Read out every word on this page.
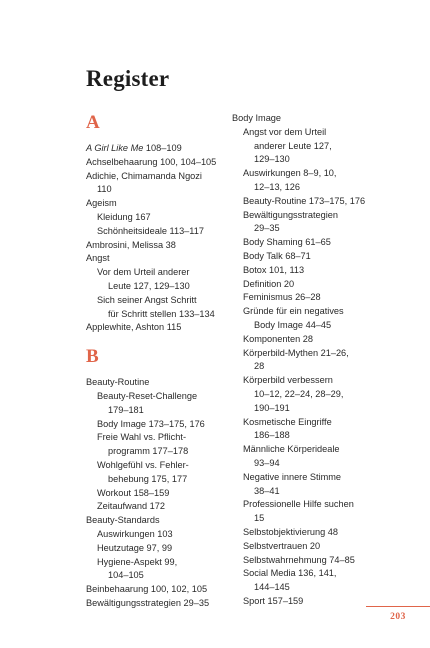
Register
A
A Girl Like Me 108–109
Achselbehaarung 100, 104–105
Adichie, Chimamanda Ngozi
110
Ageism
Kleidung 167
Schönheitsideale 113–117
Ambrosini, Melissa 38
Angst
Vor dem Urteil anderer
Leute 127, 129–130
Sich seiner Angst Schritt
für Schritt stellen 133–134
Applewhite, Ashton 115
B
Beauty-Routine
Beauty-Reset-Challenge
179–181
Body Image 173–175, 176
Freie Wahl vs. Pflicht-
programm 177–178
Wohlgefühl vs. Fehler-
behebung 175, 177
Workout 158–159
Zeitaufwand 172
Beauty-Standards
Auswirkungen 103
Heutzutage 97, 99
Hygiene-Aspekt 99,
104–105
Beinbehaarung 100, 102, 105
Bewältigungsstrategien 29–35
Body Image
Angst vor dem Urteil
anderer Leute 127,
129–130
Auswirkungen 8–9, 10,
12–13, 126
Beauty-Routine 173–175, 176
Bewältigungsstrategien
29–35
Body Shaming 61–65
Body Talk 68–71
Botox 101, 113
Definition 20
Feminismus 26–28
Gründe für ein negatives
Body Image 44–45
Komponenten 28
Körperbild-Mythen 21–26,
28
Körperbild verbessern
10–12, 22–24, 28–29,
190–191
Kosmetische Eingriffe
186–188
Männliche Körperideale
93–94
Negative innere Stimme
38–41
Professionelle Hilfe suchen
15
Selbstobjektivierung 48
Selbstvertrauen 20
Selbstwahrnehmung 74–85
Social Media 136, 141,
144–145
Sport 157–159
203
